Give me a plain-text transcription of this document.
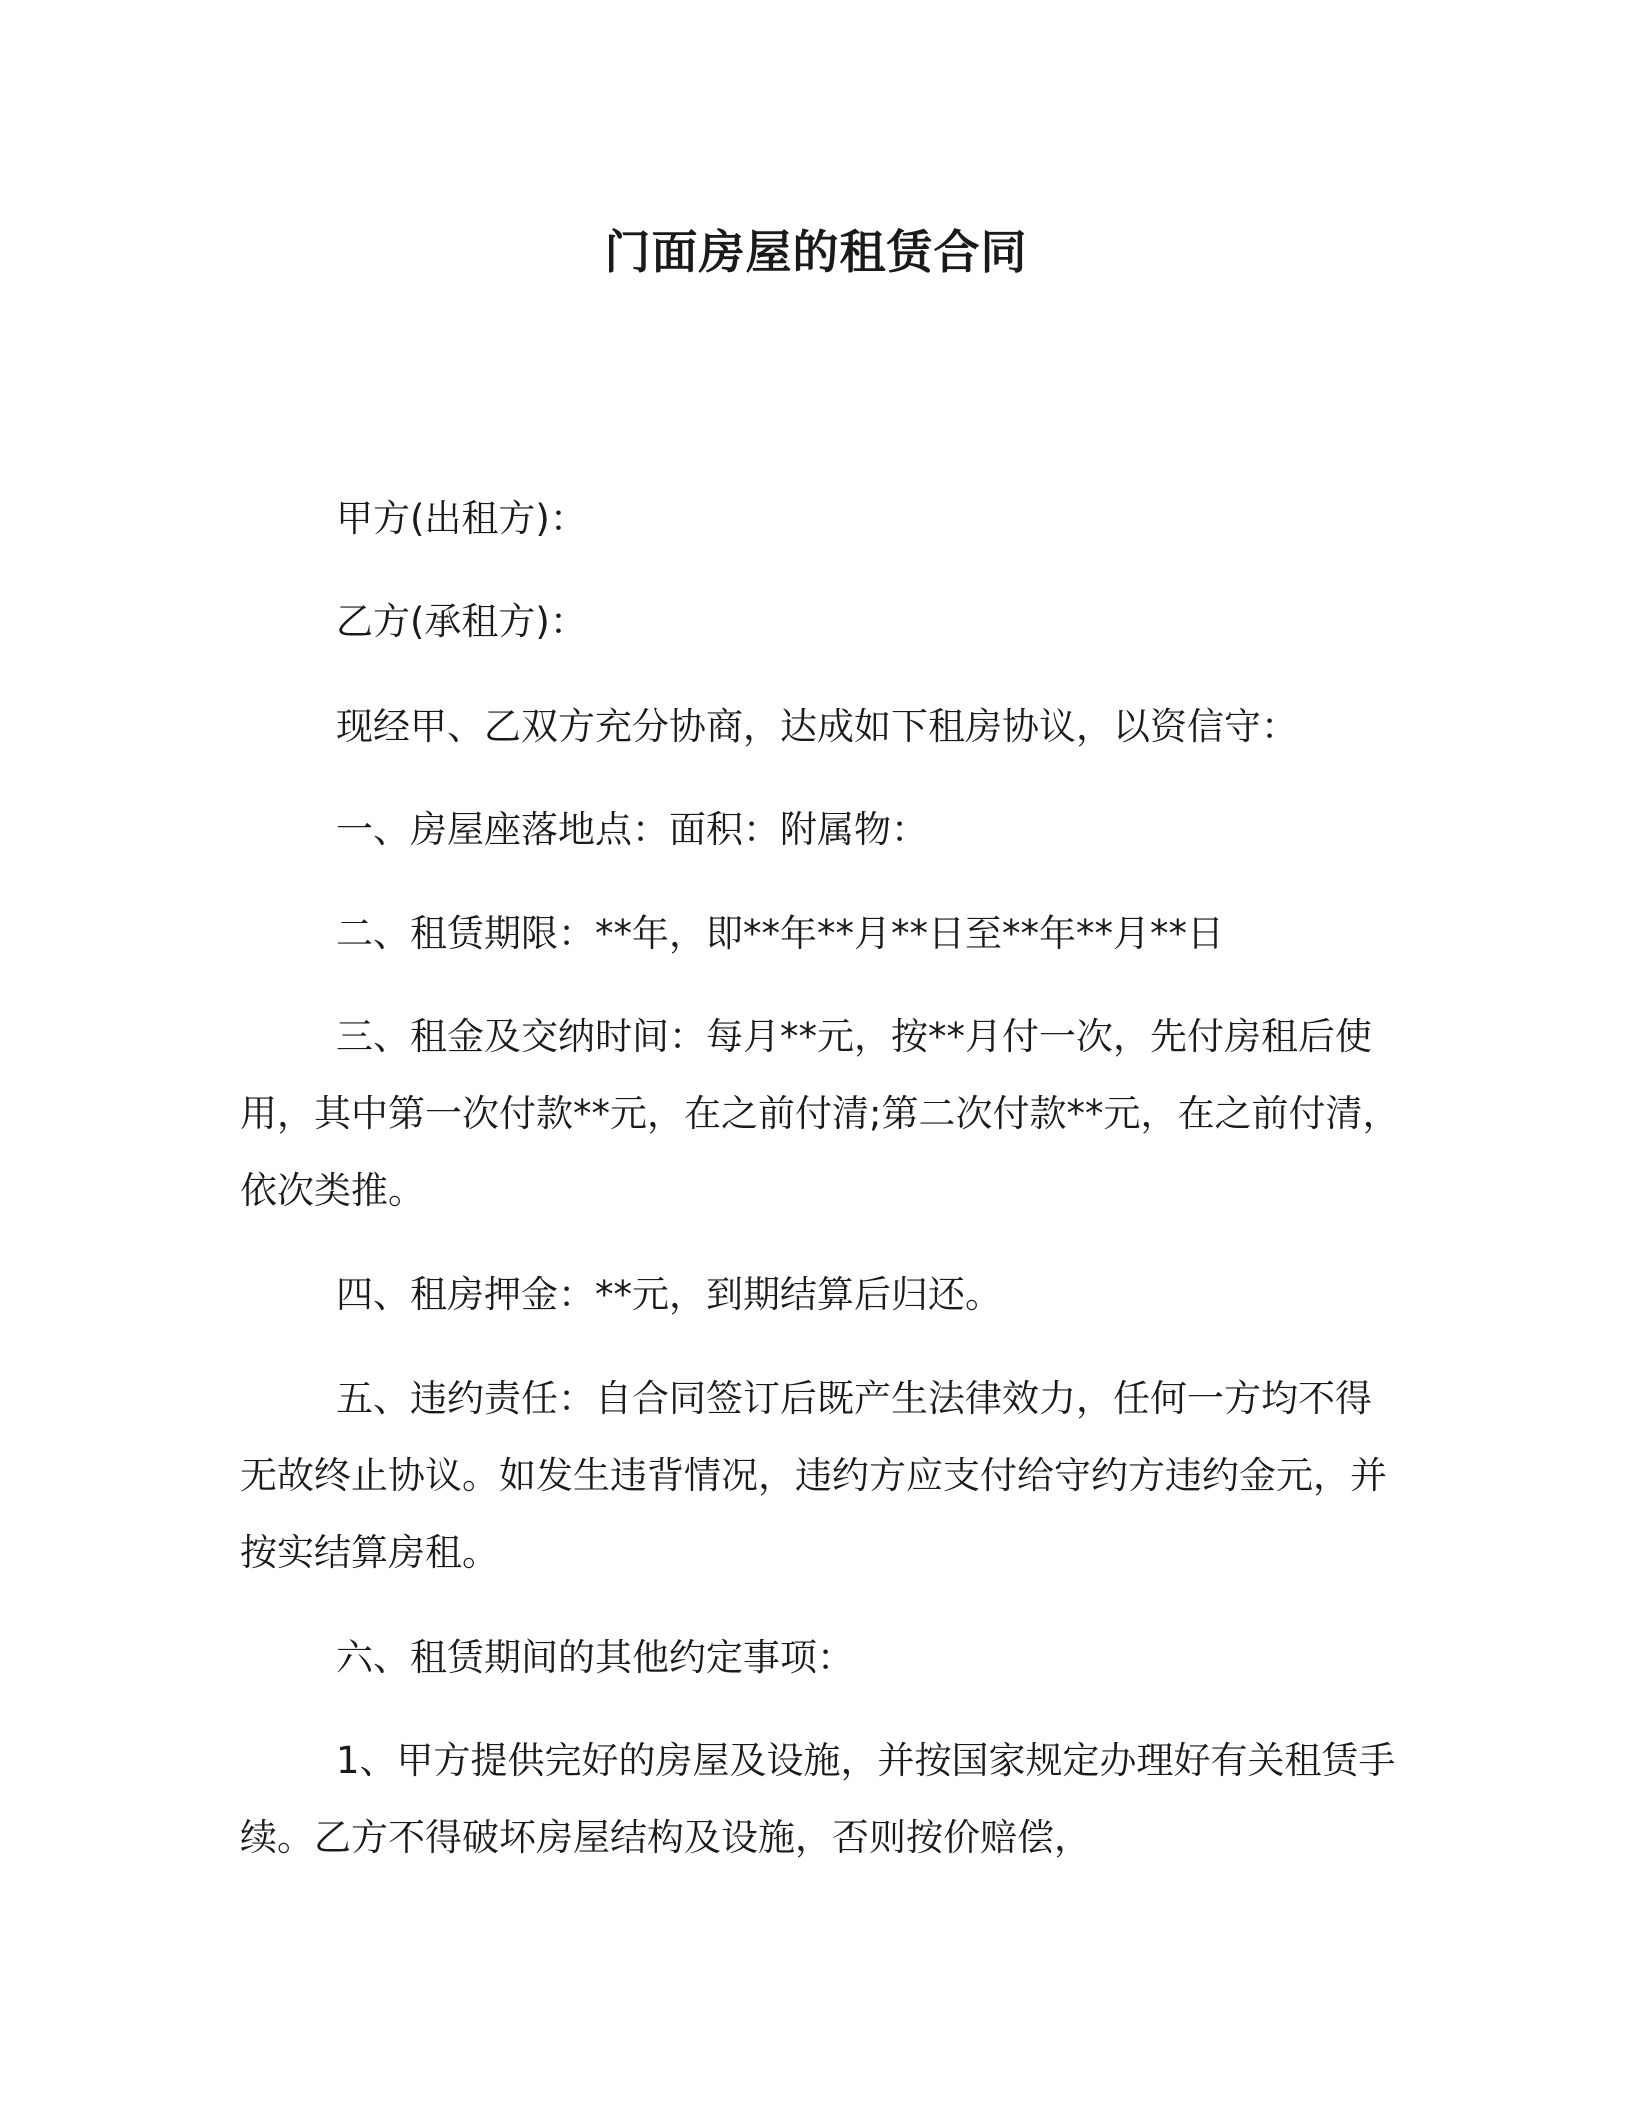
门面房屋的租赁合同

甲方(出租方)：

乙方(承租方)：

现经甲、乙双方充分协商，达成如下租房协议，以资信守：

一、房屋座落地点：面积：附属物：

二、租赁期限：**年，即**年**月**日至**年**月**日

三、租金及交纳时间：每月**元，按**月付一次，先付房租后使用，其中第一次付款**元，在之前付清;第二次付款**元，在之前付清，依次类推。

四、租房押金：**元，到期结算后归还。

五、违约责任：自合同签订后既产生法律效力，任何一方均不得无故终止协议。如发生违背情况，违约方应支付给守约方违约金元，并按实结算房租。

六、租赁期间的其他约定事项：

1、甲方提供完好的房屋及设施，并按国家规定办理好有关租赁手续。乙方不得破坏房屋结构及设施，否则按价赔偿，
